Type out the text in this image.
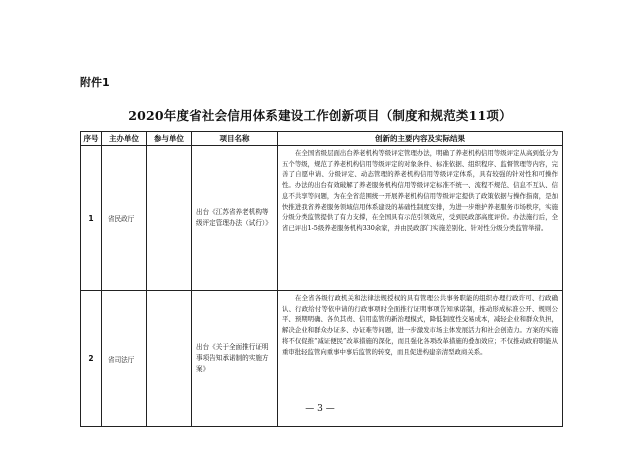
附件1
2020年度省社会信用体系建设工作创新项目（制度和规范类11项）
序号	主办单位	参与单位	项目名称	创新的主要内容及实际结果
1	省民政厅		出台《江苏省养老机构等级评定管理办法（试行）》	在全国省级层面出台养老机构等级评定管理办法，明确了养老机构信用等级评定从高到低分为五个等级，规范了养老机构信用等级评定的对象条件、标准依据、组织程序、监督管理等内容，完善了自愿申请、分级评定、动态管理的养老机构信用等级评定体系，具有较强的针对性和可操作性。办法的出台有效破解了养老服务机构信用等级评定标准不统一、流程不规范、信息不互认、信息不共享等问题，为在全省范围统一开展养老机构信用等级评定提供了政策依据与操作指南，是加快推进我省养老服务领域信用体系建设的基础性制度安排，为进一步维护养老服务市场秩序，实施分级分类监管提供了有力支撑，在全国具有示范引领效应，受到民政部高度评价。办法施行后，全省已评出1-5级养老服务机构330余家，并由民政部门实施差别化、针对性分级分类监管举措。
2	省司法厅		出台《关于全面推行证明事项告知承诺制的实施方案》	在全省各级行政机关和法律法规授权的具有管理公共事务职能的组织办理行政许可、行政确认、行政给付等依申请的行政事项时全面推行证明事项告知承诺制，推动形成标准公开、规则公平、预期明确、各负其责、信用监管的新治理模式，降低制度性交易成本，减轻企业和群众负担，解决企业和群众办证多、办证难等问题，进一步激发市场主体发展活力和社会创造力。方案的实施将不仅促推“减证便民”改革措施的深化，而且强化各项改革措施的叠加效应；不仅推动政府职能从重审批轻监管向重事中事后监管的转变，而且促进构建亲清型政商关系。
— 3 —
